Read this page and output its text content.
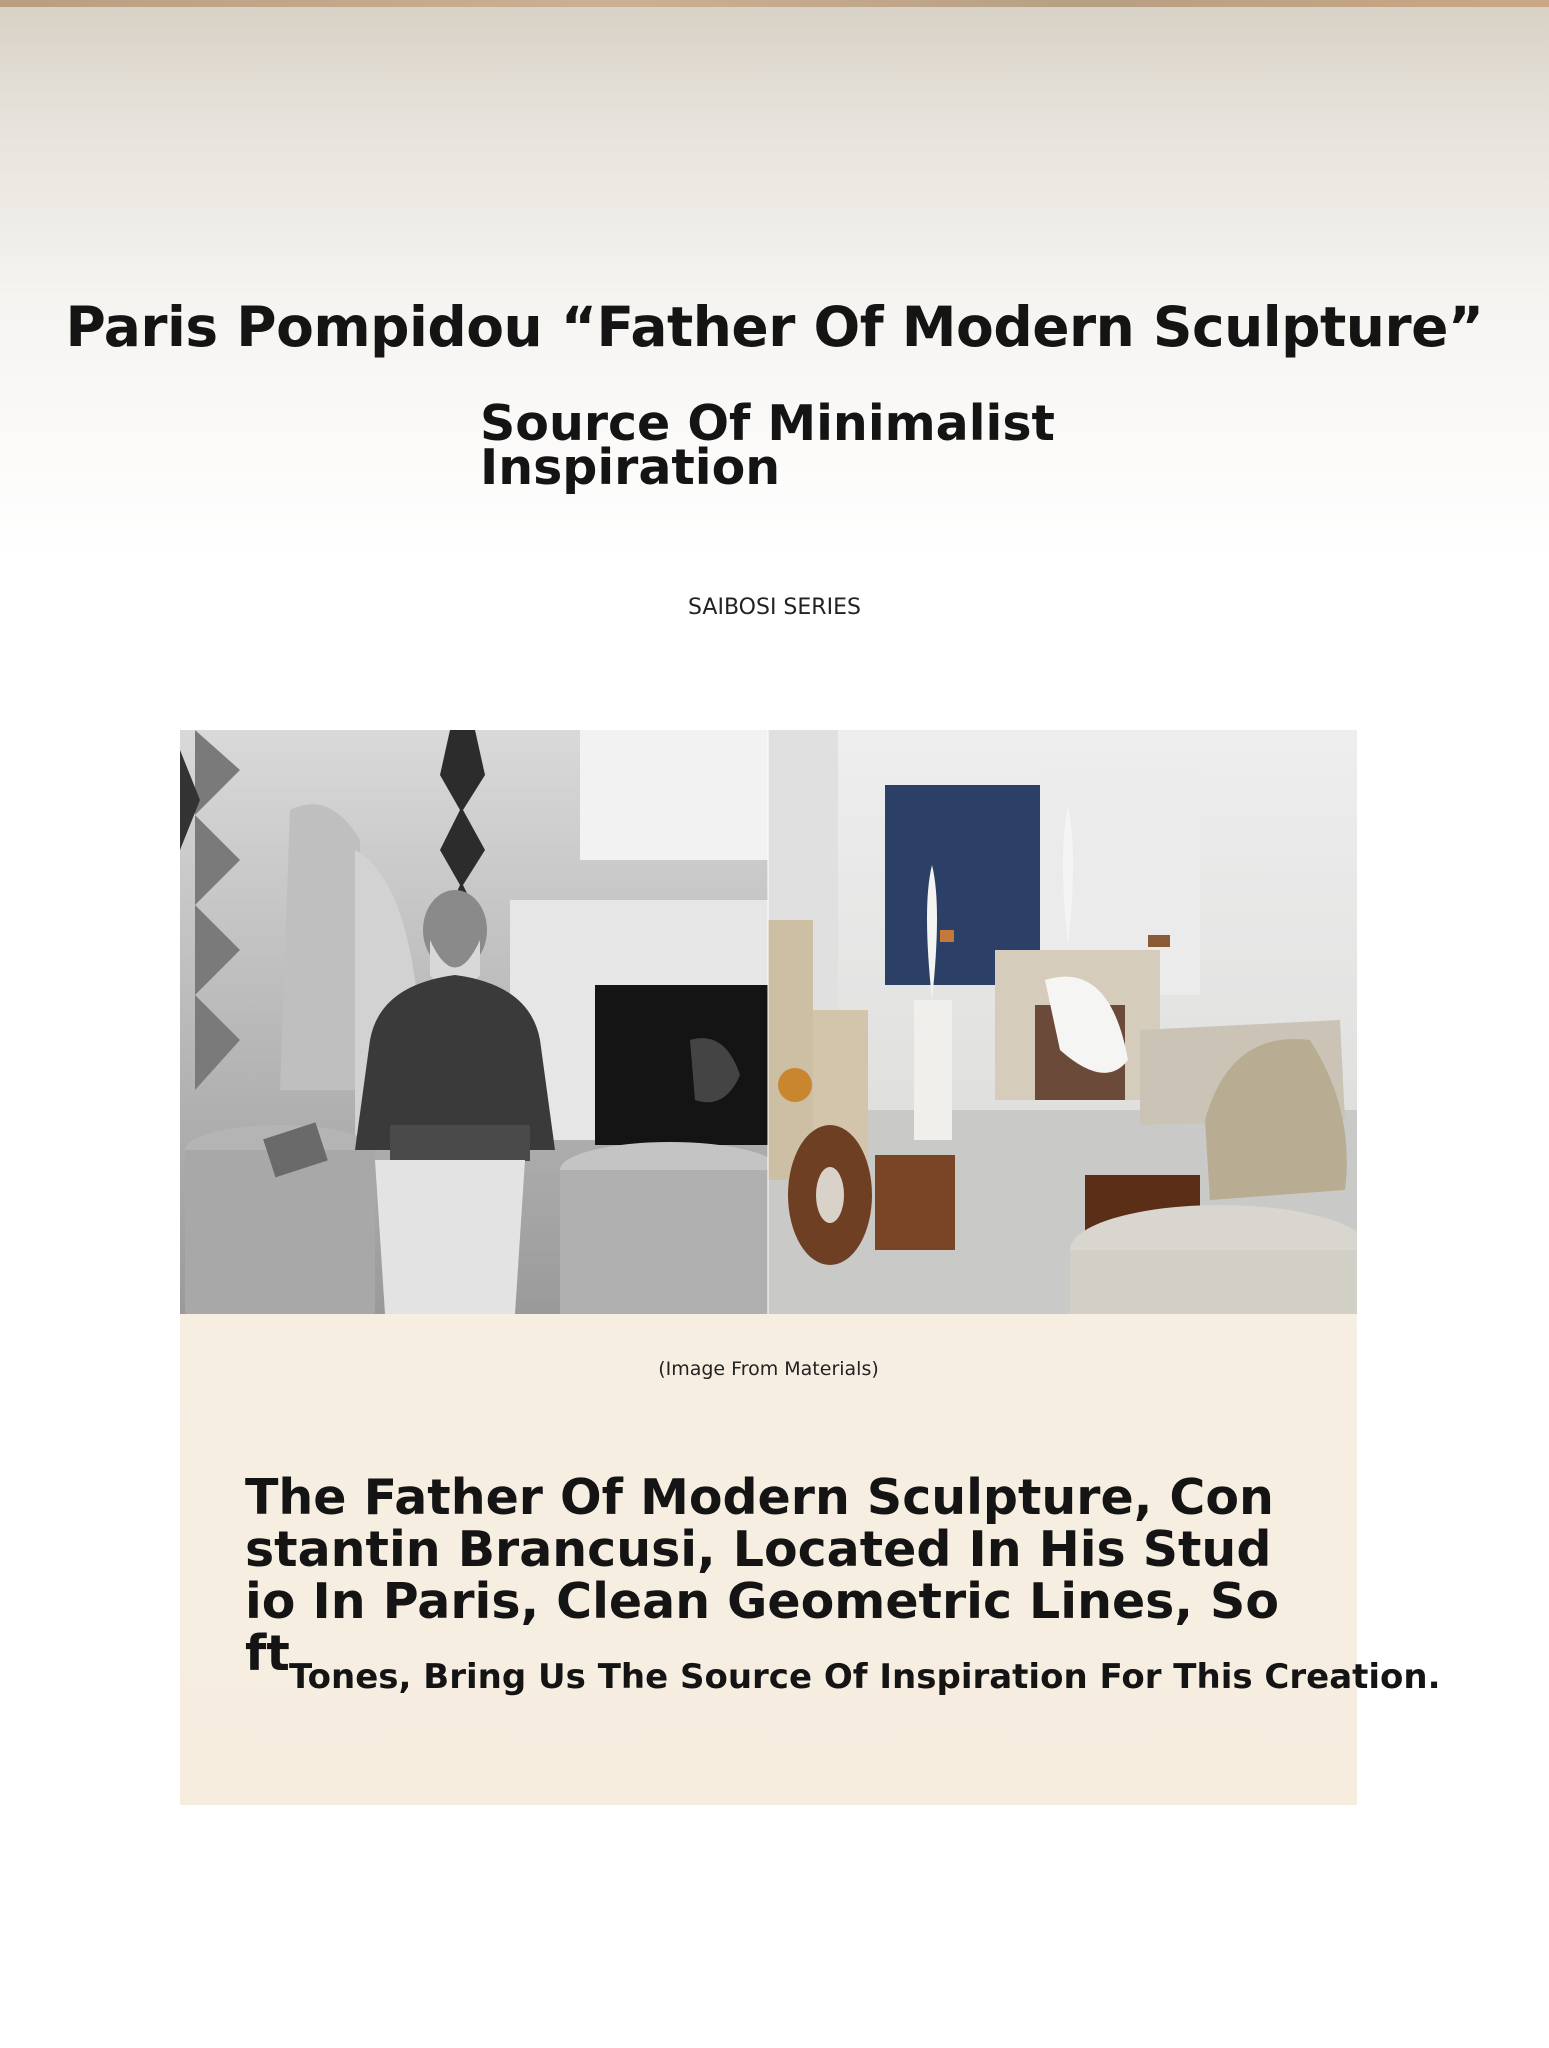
Paris Pompidou “Father Of Modern Sculpture”
Source Of Minimalist Inspiration
SAIBOSI SERIES
(Image From Materials)
The Father Of Modern Sculpture, Constantin Brancusi, Located In His Studio In Paris, Clean Geometric Lines, Soft Tones, Bring Us The Source Of Inspiration For This Creation.
